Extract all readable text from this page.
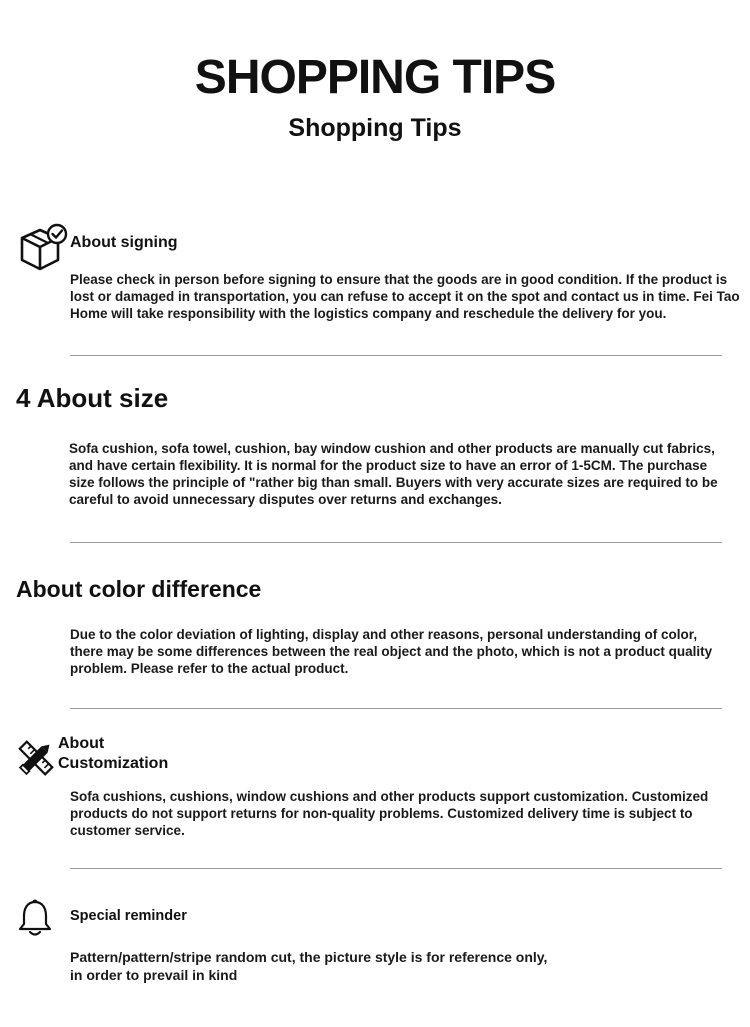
SHOPPING TIPS
Shopping Tips
About signing
Please check in person before signing to ensure that the goods are in good condition. If the product is lost or damaged in transportation, you can refuse to accept it on the spot and contact us in time. Fei Tao Home will take responsibility with the logistics company and reschedule the delivery for you.
4 About size
Sofa cushion, sofa towel, cushion, bay window cushion and other products are manually cut fabrics, and have certain flexibility. It is normal for the product size to have an error of 1-5CM. The purchase size follows the principle of "rather big than small. Buyers with very accurate sizes are required to be careful to avoid unnecessary disputes over returns and exchanges.
About color difference
Due to the color deviation of lighting, display and other reasons, personal understanding of color, there may be some differences between the real object and the photo, which is not a product quality problem. Please refer to the actual product.
About
Customization
Sofa cushions, cushions, window cushions and other products support customization. Customized products do not support returns for non-quality problems. Customized delivery time is subject to customer service.
Special reminder
Pattern/pattern/stripe random cut, the picture style is for reference only,
in order to prevail in kind
